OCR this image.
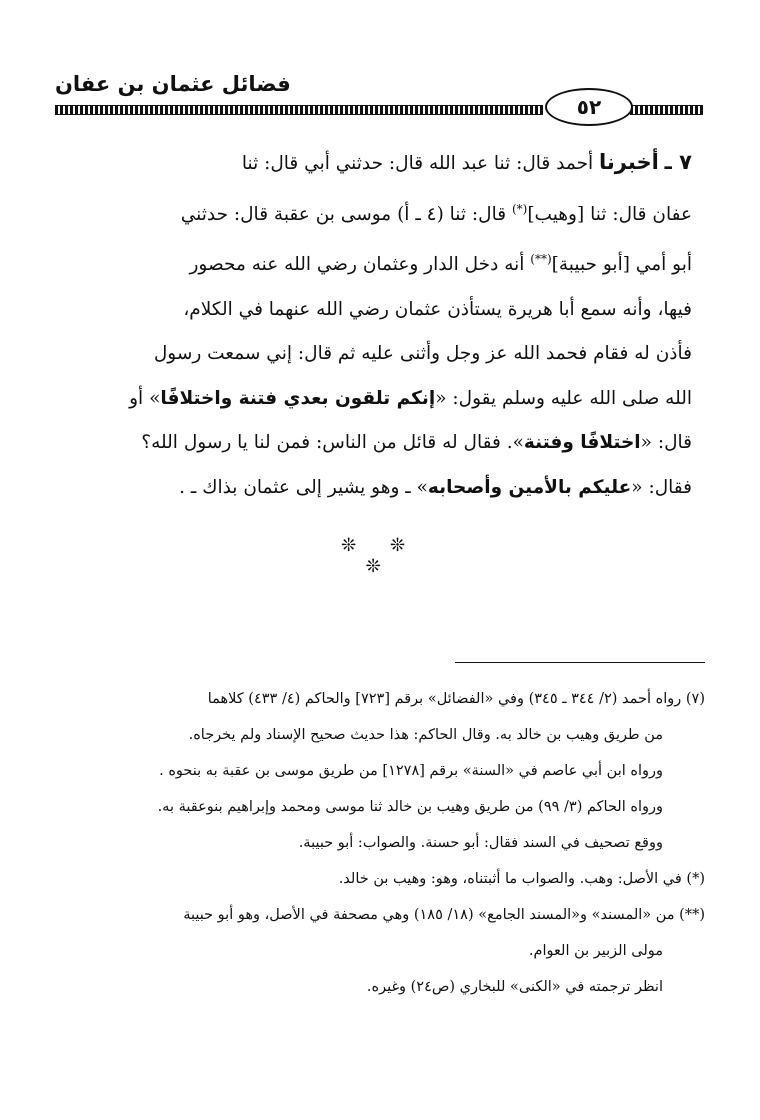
فضائل عثمان بن عفان
٥٢

٧ ـ أخبرنا أحمد قال: ثنا عبد الله قال: حدثني أبي قال: ثنا

عفان قال: ثنا [وهيب](*) قال: ثنا (٤ ـ أ) موسى بن عقبة قال: حدثني

أبو أمي [أبو حبيبة](**) أنه دخل الدار وعثمان رضي الله عنه محصور

فيها، وأنه سمع أبا هريرة يستأذن عثمان رضي الله عنهما في الكلام،

فأذن له فقام فحمد الله عز وجل وأثنى عليه ثم قال: إني سمعت رسول

الله صلى الله عليه وسلم يقول: «إنكم تلقون بعدي فتنة واختلافًا» أو

قال: «اختلافًا وفتنة». فقال له قائل من الناس: فمن لنا يا رسول الله؟

فقال: «عليكم بالأمين وأصحابه» ـ وهو يشير إلى عثمان بذاك ـ .

❊ ❊ ❊

(٧) رواه أحمد (٢/ ٣٤٤ ـ ٣٤٥) وفي «الفضائل» برقم [٧٢٣] والحاكم (٤/ ٤٣٣) كلاهما

من طريق وهيب بن خالد به. وقال الحاكم: هذا حديث صحيح الإسناد ولم يخرجاه.

ورواه ابن أبي عاصم في «السنة» برقم [١٢٧٨] من طريق موسى بن عقبة به بنحوه .

ورواه الحاكم (٣/ ٩٩) من طريق وهيب بن خالد ثنا موسى ومحمد وإبراهيم بنوعقبة به.

ووقع تصحيف في السند فقال: أبو حسنة. والصواب: أبو حبيبة.

(*) في الأصل: وهب. والصواب ما أثبتناه، وهو: وهيب بن خالد.

(**) من «المسند» و«المسند الجامع» (١٨/ ١٨٥) وهي مصحفة في الأصل، وهو أبو حبيبة

مولى الزبير بن العوام.

انظر ترجمته في «الكنى» للبخاري (ص٢٤) وغيره.
